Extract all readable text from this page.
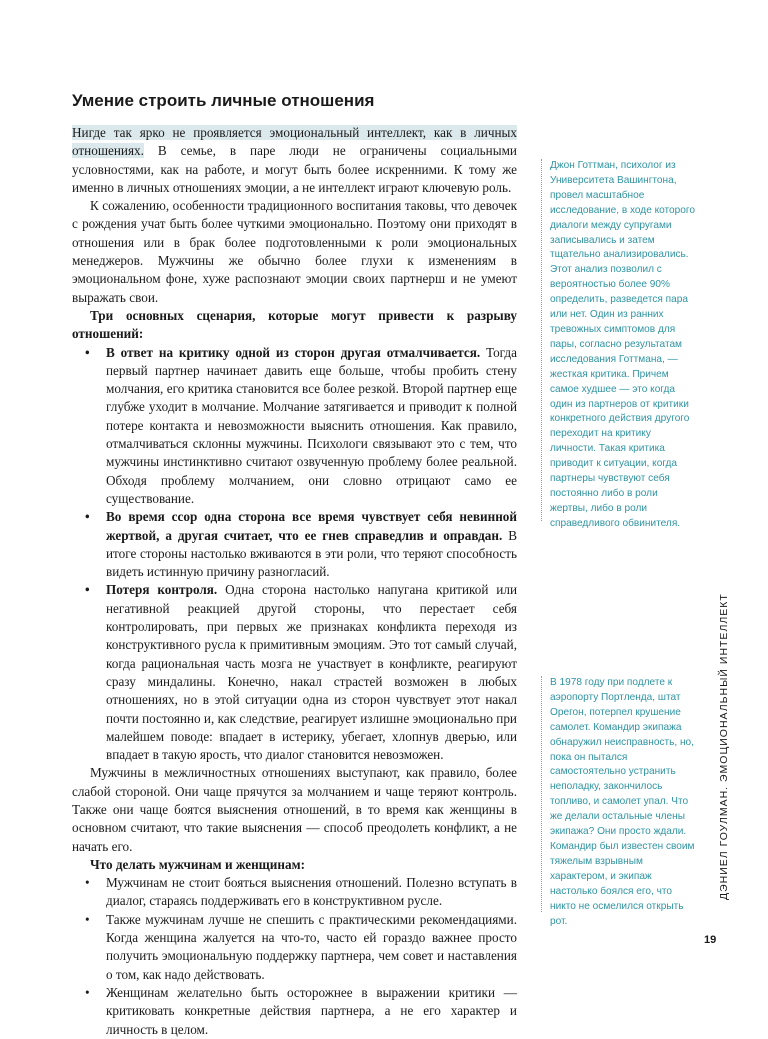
Умение строить личные отношения

Нигде так ярко не проявляется эмоциональный интеллект, как в личных отношениях. В семье, в паре люди не ограничены социальными условностями, как на работе, и могут быть более искренними. К тому же именно в личных отношениях эмоции, а не интеллект играют ключевую роль.

К сожалению, особенности традиционного воспитания таковы, что девочек с рождения учат быть более чуткими эмоционально. Поэтому они приходят в отношения или в брак более подготовленными к роли эмоциональных менеджеров. Мужчины же обычно более глухи к изменениям в эмоциональном фоне, хуже распознают эмоции своих партнерш и не умеют выражать свои.

Три основных сценария, которые могут привести к разрыву отношений:

• В ответ на критику одной из сторон другая отмалчивается. Тогда первый партнер начинает давить еще больше, чтобы пробить стену молчания, его критика становится все более резкой. Второй партнер еще глубже уходит в молчание. Молчание затягивается и приводит к полной потере контакта и невозможности выяснить отношения. Как правило, отмалчиваться склонны мужчины. Психологи связывают это с тем, что мужчины инстинктивно считают озвученную проблему более реальной. Обходя проблему молчанием, они словно отрицают само ее существование.
• Во время ссор одна сторона все время чувствует себя невинной жертвой, а другая считает, что ее гнев справедлив и оправдан. В итоге стороны настолько вживаются в эти роли, что теряют способность видеть истинную причину разногласий.
• Потеря контроля. Одна сторона настолько напугана критикой или негативной реакцией другой стороны, что перестает себя контролировать, при первых же признаках конфликта переходя из конструктивного русла к примитивным эмоциям. Это тот самый случай, когда рациональная часть мозга не участвует в конфликте, реагируют сразу миндалины. Конечно, накал страстей возможен в любых отношениях, но в этой ситуации одна из сторон чувствует этот накал почти постоянно и, как следствие, реагирует излишне эмоционально при малейшем поводе: впадает в истерику, убегает, хлопнув дверью, или впадает в такую ярость, что диалог становится невозможен.

Мужчины в межличностных отношениях выступают, как правило, более слабой стороной. Они чаще прячутся за молчанием и чаще теряют контроль. Также они чаще боятся выяснения отношений, в то время как женщины в основном считают, что такие выяснения — способ преодолеть конфликт, а не начать его.

Что делать мужчинам и женщинам:

• Мужчинам не стоит бояться выяснения отношений. Полезно вступать в диалог, стараясь поддерживать его в конструктивном русле.
• Также мужчинам лучше не спешить с практическими рекомендациями. Когда женщина жалуется на что-то, часто ей гораздо важнее просто получить эмоциональную поддержку партнера, чем совет и наставления о том, как надо действовать.
• Женщинам желательно быть осторожнее в выражении критики — критиковать конкретные действия партнера, а не его характер и личность в целом.
Джон Готтман, психолог из Университета Вашингтона, провел масштабное исследование, в ходе которого диалоги между супругами записывались и затем тщательно анализировались. Этот анализ позволил с вероятностью более 90% определить, разведется пара или нет. Один из ранних тревожных симптомов для пары, согласно результатам исследования Готтмана, — жесткая критика. Причем самое худшее — это когда один из партнеров от критики конкретного действия другого переходит на критику личности. Такая критика приводит к ситуации, когда партнеры чувствуют себя постоянно либо в роли жертвы, либо в роли справедливого обвинителя.
В 1978 году при подлете к аэропорту Портленда, штат Орегон, потерпел крушение самолет. Командир экипажа обнаружил неисправность, но, пока он пытался самостоятельно устранить неполадку, закончилось топливо, и самолет упал. Что же делали остальные члены экипажа? Они просто ждали. Командир был известен своим тяжелым взрывным характером, и экипаж настолько боялся его, что никто не осмелился открыть рот.
ДЭНИЕЛ ГОУЛМАН. ЭМОЦИОНАЛЬНЫЙ ИНТЕЛЛЕКТ
19
